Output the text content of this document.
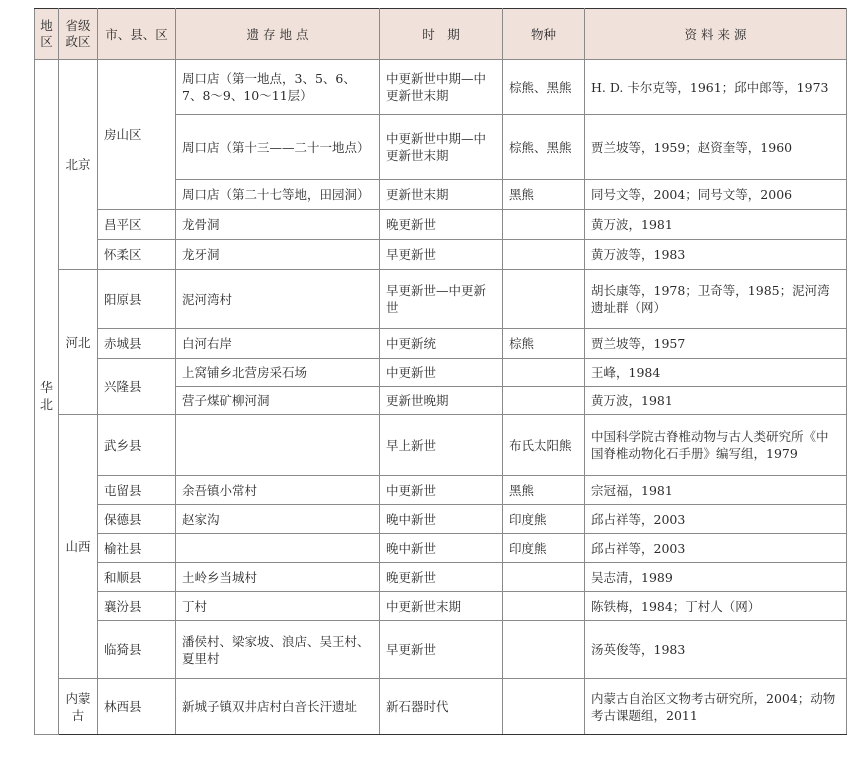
地区	省级政区	市、县、区	遗 存 地 点	时　期	物种	资 料 来 源
华北	北京	房山区	周口店（第一地点，3、5、6、7、8～9、10～11层）	中更新世中期—中更新世末期	棕熊、黑熊	H. D. 卡尔克等，1961；邱中郎等，1973
			周口店（第十三——二十一地点）	中更新世中期—中更新世末期	棕熊、黑熊	贾兰坡等，1959；赵资奎等，1960
			周口店（第二十七等地，田园洞）	更新世末期	黑熊	同号文等，2004；同号文等，2006
		昌平区	龙骨洞	晚更新世		黄万波，1981
		怀柔区	龙牙洞	早更新世		黄万波等，1983
	河北	阳原县	泥河湾村	早更新世—中更新世		胡长康等，1978；卫奇等，1985；泥河湾遗址群（网）
		赤城县	白河右岸	中更新统	棕熊	贾兰坡等，1957
		兴隆县	上窝铺乡北营房采石场	中更新世		王峰，1984
			营子煤矿柳河洞	更新世晚期		黄万波，1981
	山西	武乡县		早上新世	布氏太阳熊	中国科学院古脊椎动物与古人类研究所《中国脊椎动物化石手册》编写组，1979
		屯留县	余吾镇小常村	中更新世	黑熊	宗冠福，1981
		保德县	赵家沟	晚中新世	印度熊	邱占祥等，2003
		榆社县		晚中新世	印度熊	邱占祥等，2003
		和顺县	土岭乡当城村	晚更新世		吴志清，1989
		襄汾县	丁村	中更新世末期		陈铁梅，1984；丁村人（网）
		临猗县	潘侯村、梁家坡、浪店、吴王村、夏里村	早更新世		汤英俊等，1983
	内蒙古	林西县	新城子镇双井店村白音长汗遗址	新石器时代		内蒙古自治区文物考古研究所，2004；动物考古课题组，2011
